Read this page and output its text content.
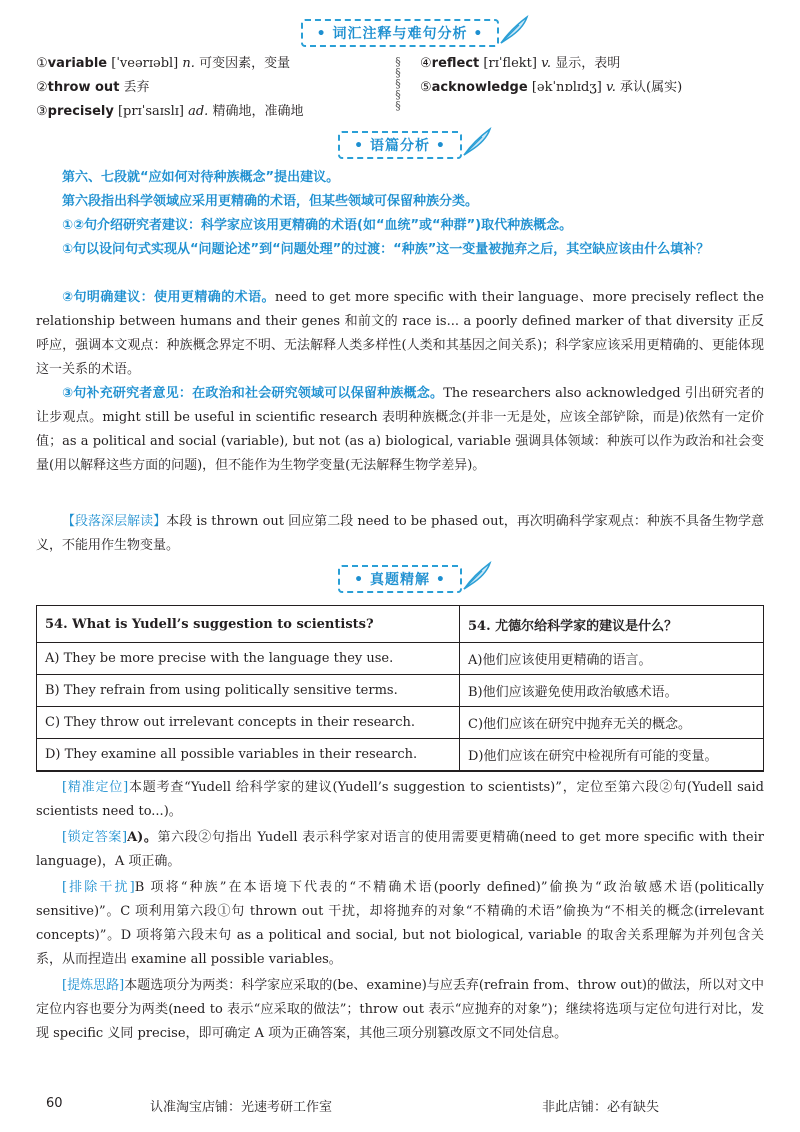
• 词汇注释与难句分析 •
①variable [ˈveərɪəbl] n. 可变因素，变量
②throw out 丢弃
③precisely [prɪˈsaɪslɪ] ad. 精确地，准确地
§
§
§
§
§
④reflect [rɪˈflekt] v. 显示，表明
⑤acknowledge [əkˈnɒlɪdʒ] v. 承认(属实)
• 语篇分析 •
第六、七段就“应如何对待种族概念”提出建议。
第六段指出科学领域应采用更精确的术语，但某些领域可保留种族分类。
①②句介绍研究者建议：科学家应该用更精确的术语(如“血统”或“种群”)取代种族概念。
①句以设问句式实现从“问题论述”到“问题处理”的过渡：“种族”这一变量被抛弃之后，其空缺应该由什么填补？
②句明确建议：使用更精确的术语。need to get more specific with their language、more precisely reflect the relationship between humans and their genes 和前文的 race is... a poorly defined marker of that diversity 正反呼应，强调本文观点：种族概念界定不明、无法解释人类多样性(人类和其基因之间关系)；科学家应该采用更精确的、更能体现这一关系的术语。
③句补充研究者意见：在政治和社会研究领域可以保留种族概念。The researchers also acknowledged 引出研究者的让步观点。might still be useful in scientific research 表明种族概念(并非一无是处，应该全部铲除，而是)依然有一定价值；as a political and social (variable), but not (as a) biological, variable 强调具体领域：种族可以作为政治和社会变量(用以解释这些方面的问题)，但不能作为生物学变量(无法解释生物学差异)。
【段落深层解读】本段 is thrown out 回应第二段 need to be phased out，再次明确科学家观点：种族不具备生物学意义，不能用作生物变量。
• 真题精解 •
54. What is Yudell’s suggestion to scientists?	54. 尤德尔给科学家的建议是什么？
A) They be more precise with the language they use.	A)他们应该使用更精确的语言。
B) They refrain from using politically sensitive terms.	B)他们应该避免使用政治敏感术语。
C) They throw out irrelevant concepts in their research.	C)他们应该在研究中抛弃无关的概念。
D) They examine all possible variables in their research.	D)他们应该在研究中检视所有可能的变量。
[精准定位]本题考查“Yudell 给科学家的建议(Yudell’s suggestion to scientists)”，定位至第六段②句(Yudell said scientists need to...)。
[锁定答案]A)。第六段②句指出 Yudell 表示科学家对语言的使用需要更精确(need to get more specific with their language)，A 项正确。
[排除干扰]B 项将“种族”在本语境下代表的“不精确术语(poorly defined)”偷换为“政治敏感术语(politically sensitive)”。C 项利用第六段①句 thrown out 干扰，却将抛弃的对象“不精确的术语”偷换为“不相关的概念(irrelevant concepts)”。D 项将第六段末句 as a political and social, but not biological, variable 的取舍关系理解为并列包含关系，从而捏造出 examine all possible variables。
[提炼思路]本题选项分为两类：科学家应采取的(be、examine)与应丢弃(refrain from、throw out)的做法，所以对文中定位内容也要分为两类(need to 表示“应采取的做法”；throw out 表示“应抛弃的对象”)；继续将选项与定位句进行对比，发现 specific 义同 precise，即可确定 A 项为正确答案，其他三项分别篡改原文不同处信息。
60	认准淘宝店铺：光速考研工作室	非此店铺：必有缺失
